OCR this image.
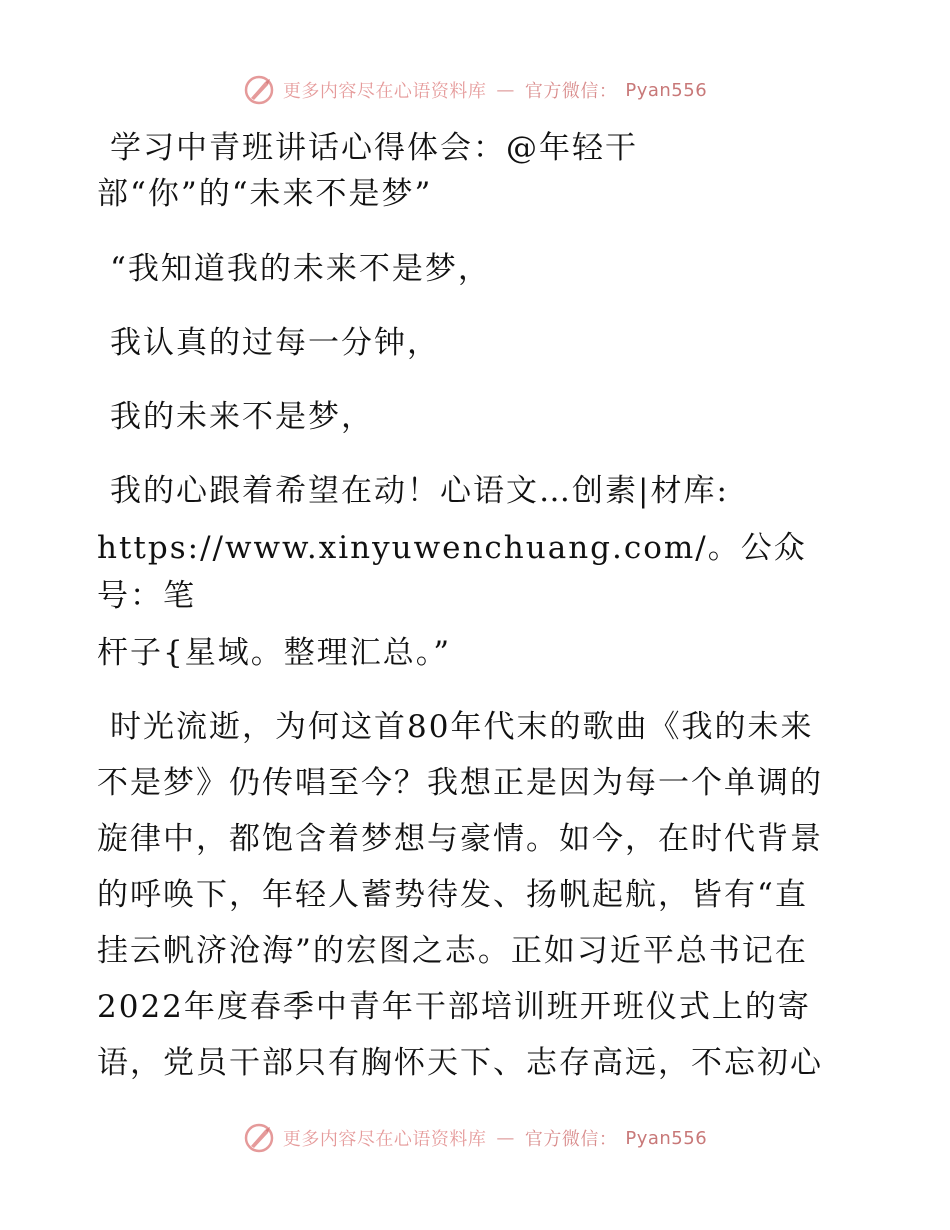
更多内容尽在心语资料库 — 官方微信： Pyan556

学习中青班讲话心得体会：@年轻干

部“你”的“未来不是梦”

“我知道我的未来不是梦，

我认真的过每一分钟，

我的未来不是梦，

我的心跟着希望在动！心语文…创素|材库:

https://www.xinyuwenchuang.com/。公众号：笔

杆子{星域。整理汇总。”

时光流逝，为何这首80年代末的歌曲《我的未来

不是梦》仍传唱至今？我想正是因为每一个单调的

旋律中，都饱含着梦想与豪情。如今，在时代背景

的呼唤下，年轻人蓄势待发、扬帆起航，皆有“直

挂云帆济沧海”的宏图之志。正如习近平总书记在

2022年度春季中青年干部培训班开班仪式上的寄

语，党员干部只有胸怀天下、志存高远，不忘初心

更多内容尽在心语资料库 — 官方微信： Pyan556
